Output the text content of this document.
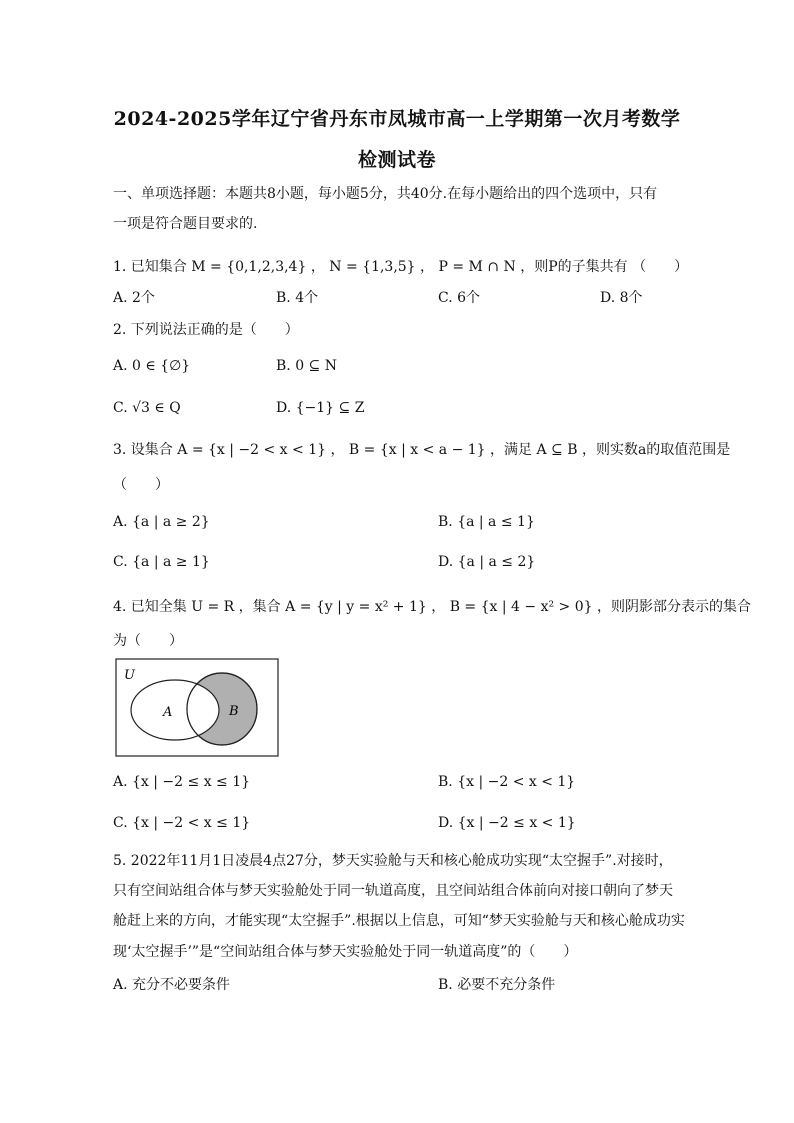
2024-2025学年辽宁省丹东市凤城市高一上学期第一次月考数学
检测试卷
一、单项选择题：本题共8小题，每小题5分，共40分.在每小题给出的四个选项中，只有
一项是符合题目要求的.
1. 已知集合 M = {0,1,2,3,4} ， N = {1,3,5} ， P = M ∩ N ，则P的子集共有 （　　）
A. 2个	B. 4个	C. 6个	D. 8个
2. 下列说法正确的是（　　）
A. 0 ∈ {∅}	B. 0 ⊆ N
C. √3 ∈ Q	D. {−1} ⊆ Z
3. 设集合 A = {x | −2 < x < 1} ， B = {x | x < a − 1} ，满足 A ⊆ B ，则实数a的取值范围是
（　　）
A. {a | a ≥ 2}	B. {a | a ≤ 1}
C. {a | a ≥ 1}	D. {a | a ≤ 2}
4. 已知全集 U = R ，集合 A = {y | y = x² + 1} ， B = {x | 4 − x² > 0} ，则阴影部分表示的集合
为（　　）
U
A	B
A. {x | −2 ≤ x ≤ 1}	B. {x | −2 < x < 1}
C. {x | −2 < x ≤ 1}	D. {x | −2 ≤ x < 1}
5. 2022年11月1日凌晨4点27分，梦天实验舱与天和核心舱成功实现“太空握手”.对接时，
只有空间站组合体与梦天实验舱处于同一轨道高度，且空间站组合体前向对接口朝向了梦天
舱赶上来的方向，才能实现“太空握手”.根据以上信息，可知“梦天实验舱与天和核心舱成功实
现‘太空握手’”是“空间站组合体与梦天实验舱处于同一轨道高度”的（　　）
A. 充分不必要条件	B. 必要不充分条件
